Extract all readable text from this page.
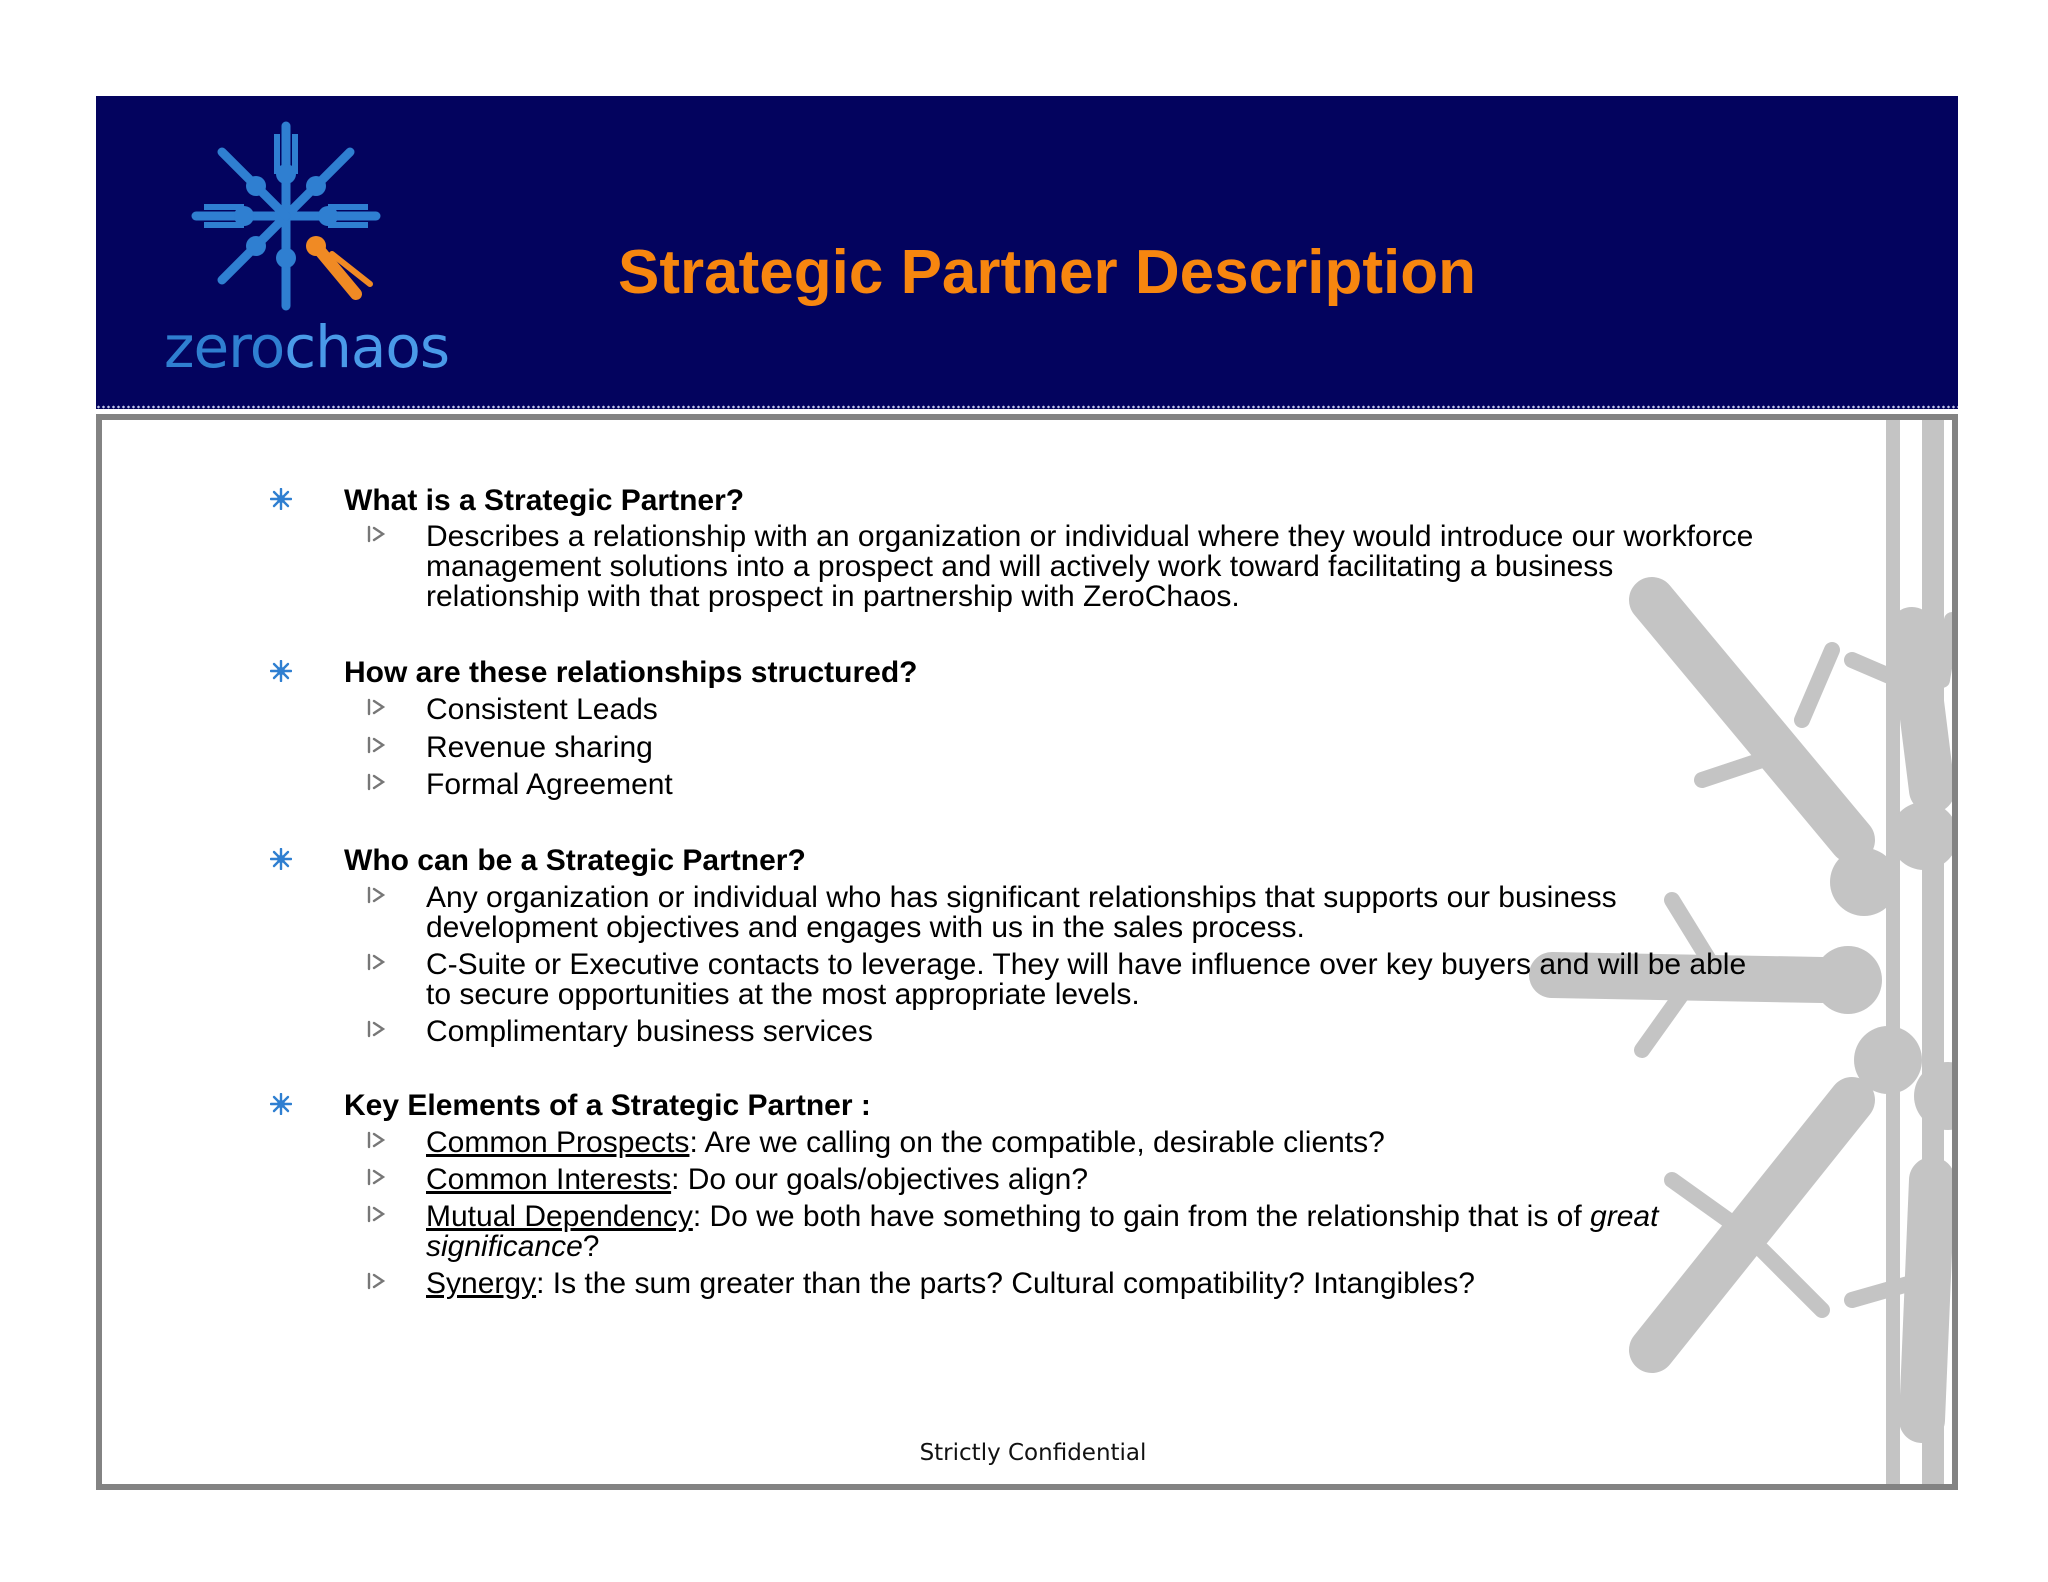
zerochaos
Strategic Partner Description
What is a Strategic Partner?
Describes a relationship with an organization or individual where they would introduce our workforce
management solutions into a prospect and will actively work toward facilitating a business
relationship with that prospect in partnership with ZeroChaos.
How are these relationships structured?
Consistent Leads
Revenue sharing
Formal Agreement
Who can be a Strategic Partner?
Any organization or individual who has significant relationships that supports our business
development objectives and engages with us in the sales process.
C-Suite or Executive contacts to leverage. They will have influence over key buyers and will be able
to secure opportunities at the most appropriate levels.
Complimentary business services
Key Elements of a Strategic Partner :
Common Prospects: Are we calling on the compatible, desirable clients?
Common Interests: Do our goals/objectives align?
Mutual Dependency: Do we both have something to gain from the relationship that is of great
significance?
Synergy: Is the sum greater than the parts? Cultural compatibility? Intangibles?
Strictly Confidential
